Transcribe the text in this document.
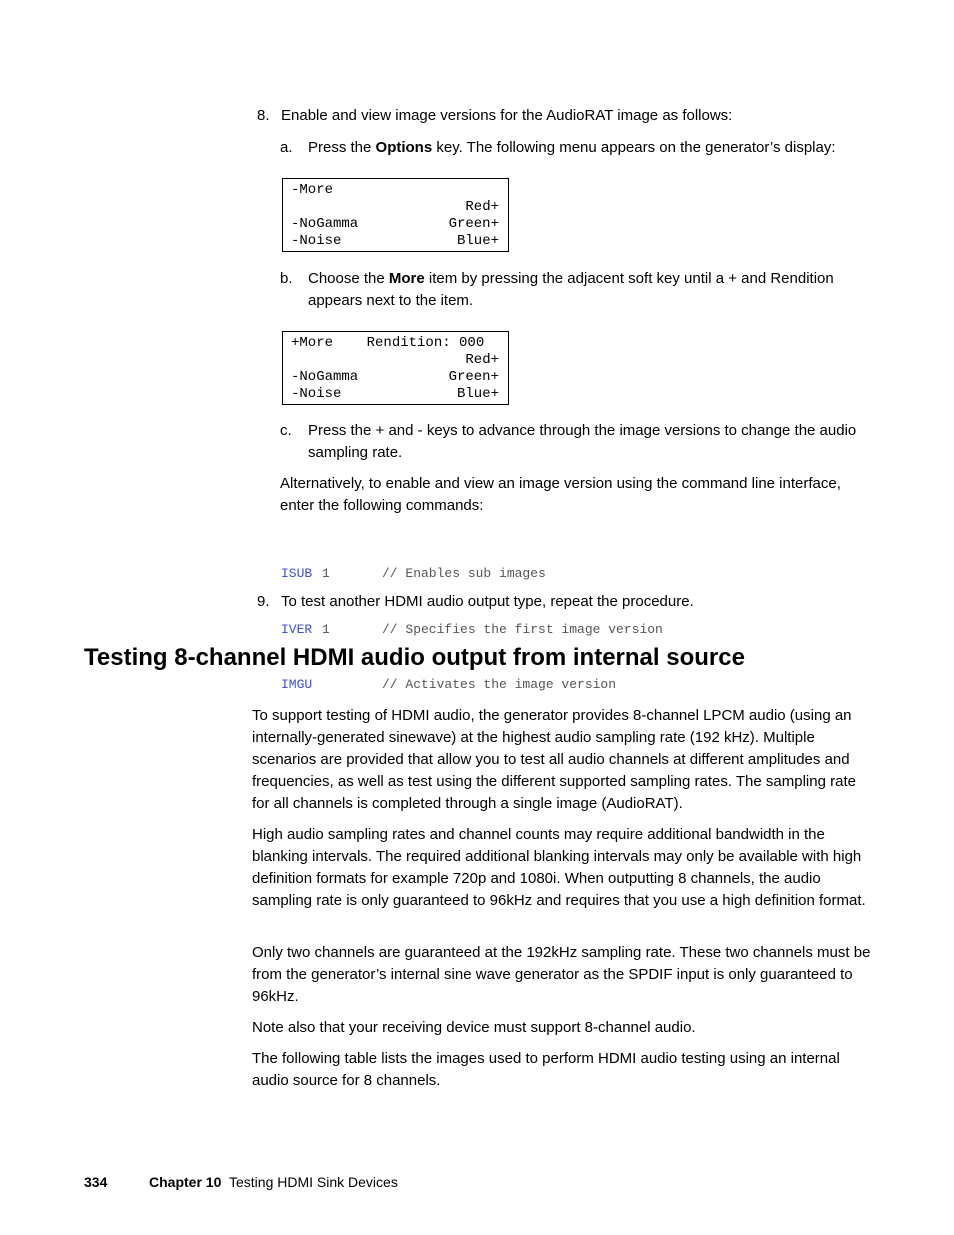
8. Enable and view image versions for the AudioRAT image as follows:
a. Press the Options key. The following menu appears on the generator’s display:
-More
Red+
-NoGamma	Green+
-Noise	Blue+
b. Choose the More item by pressing the adjacent soft key until a + and Rendition appears next to the item.
+More    Rendition: 000
Red+
-NoGamma	Green+
-Noise	Blue+
c. Press the + and - keys to advance through the image versions to change the audio sampling rate.
Alternatively, to enable and view an image version using the command line interface, enter the following commands:

ISUB 1	// Enables sub images

IVER 1	// Specifies the first image version

IMGU	// Activates the image version

9. To test another HDMI audio output type, repeat the procedure.
Testing 8-channel HDMI audio output from internal source
To support testing of HDMI audio, the generator provides 8-channel LPCM audio (using an internally-generated sinewave) at the highest audio sampling rate (192 kHz). Multiple scenarios are provided that allow you to test all audio channels at different amplitudes and frequencies, as well as test using the different supported sampling rates. The sampling rate for all channels is completed through a single image (AudioRAT).
High audio sampling rates and channel counts may require additional bandwidth in the blanking intervals. The required additional blanking intervals may only be available with high definition formats for example 720p and 1080i. When outputting 8 channels, the audio sampling rate is only guaranteed to 96kHz and requires that you use a high definition format.
Only two channels are guaranteed at the 192kHz sampling rate. These two channels must be from the generator’s internal sine wave generator as the SPDIF input is only guaranteed to 96kHz.
Note also that your receiving device must support 8-channel audio.
The following table lists the images used to perform HDMI audio testing using an internal audio source for 8 channels.
334	Chapter 10 Testing HDMI Sink Devices
